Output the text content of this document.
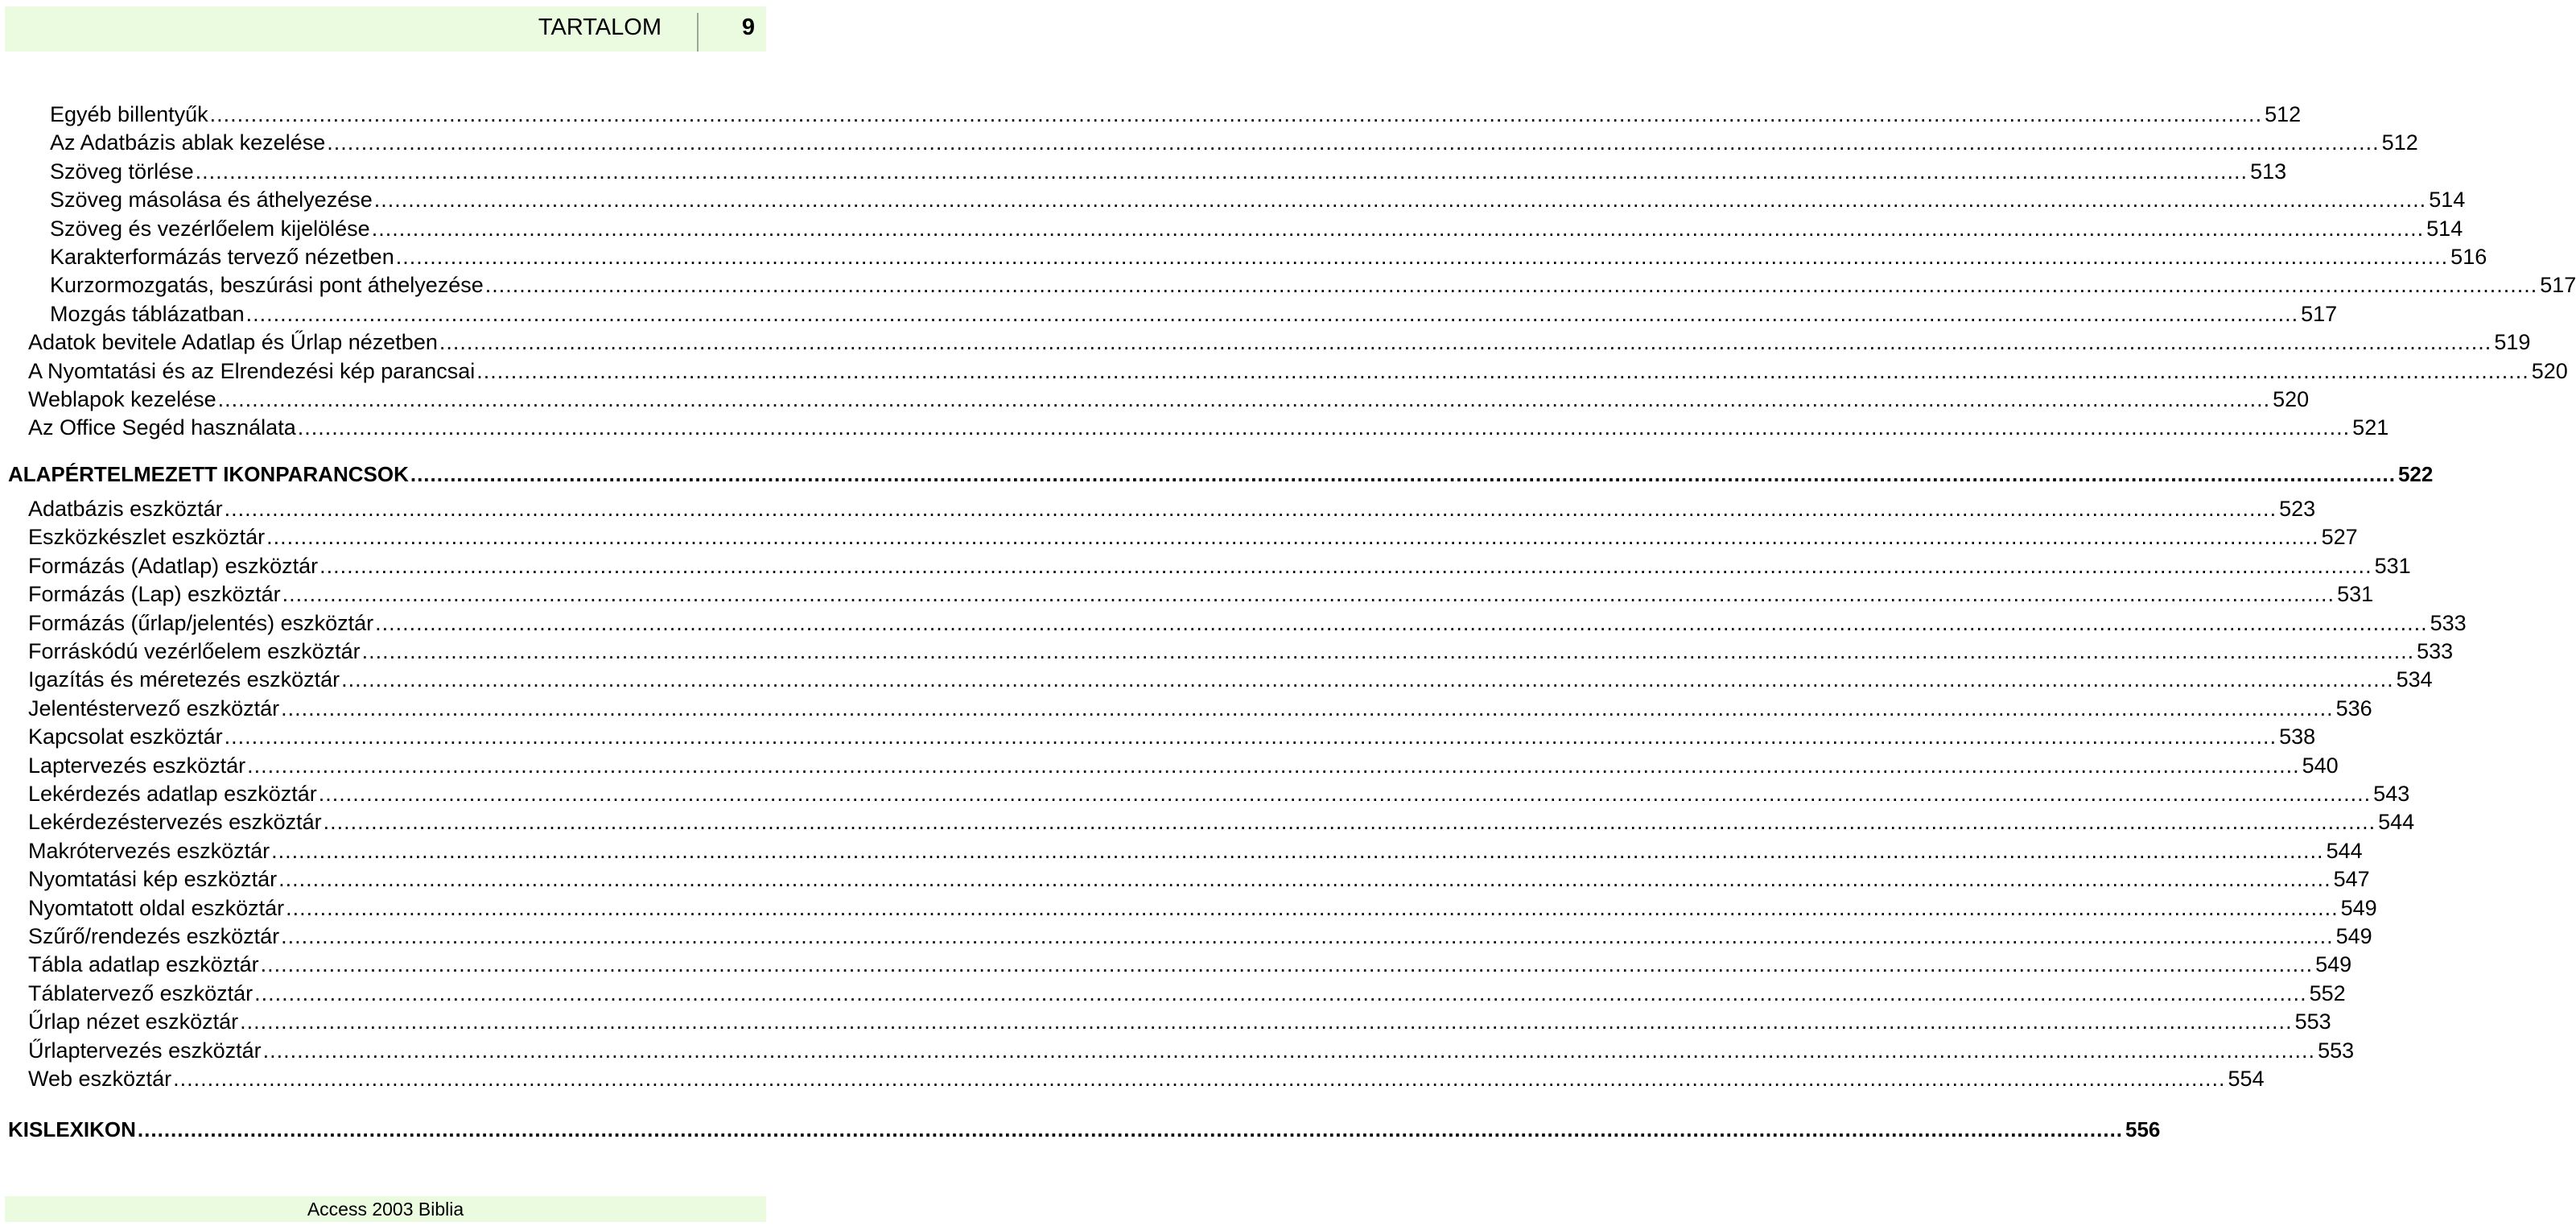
TARTALOM	9
Egyéb billentyűk ............................................................................................................................................................................................................................................................................................................ 512
Az Adatbázis ablak kezelése ............................................................................................................................................................................................................................................................................................................ 512
Szöveg törlése ............................................................................................................................................................................................................................................................................................................ 513
Szöveg másolása és áthelyezése ............................................................................................................................................................................................................................................................................................................ 514
Szöveg és vezérlőelem kijelölése ............................................................................................................................................................................................................................................................................................................ 514
Karakterformázás tervező nézetben ............................................................................................................................................................................................................................................................................................................ 516
Kurzormozgatás, beszúrási pont áthelyezése ............................................................................................................................................................................................................................................................................................................ 517
Mozgás táblázatban ............................................................................................................................................................................................................................................................................................................ 517
Adatok bevitele Adatlap és Űrlap nézetben ............................................................................................................................................................................................................................................................................................................ 519
A Nyomtatási és az Elrendezési kép parancsai ............................................................................................................................................................................................................................................................................................................ 520
Weblapok kezelése ............................................................................................................................................................................................................................................................................................................ 520
Az Office Segéd használata ............................................................................................................................................................................................................................................................................................................ 521
ALAPÉRTELMEZETT IKONPARANCSOK ............................................................................................................................................................................................................................................................................................................ 522
Adatbázis eszköztár ............................................................................................................................................................................................................................................................................................................ 523
Eszközkészlet eszköztár ............................................................................................................................................................................................................................................................................................................ 527
Formázás (Adatlap) eszköztár ............................................................................................................................................................................................................................................................................................................ 531
Formázás (Lap) eszköztár ............................................................................................................................................................................................................................................................................................................ 531
Formázás (űrlap/jelentés) eszköztár ............................................................................................................................................................................................................................................................................................................ 533
Forráskódú vezérlőelem eszköztár ............................................................................................................................................................................................................................................................................................................ 533
Igazítás és méretezés eszköztár ............................................................................................................................................................................................................................................................................................................ 534
Jelentéstervező eszköztár ............................................................................................................................................................................................................................................................................................................ 536
Kapcsolat eszköztár ............................................................................................................................................................................................................................................................................................................ 538
Laptervezés eszköztár ............................................................................................................................................................................................................................................................................................................ 540
Lekérdezés adatlap eszköztár ............................................................................................................................................................................................................................................................................................................ 543
Lekérdezéstervezés eszköztár ............................................................................................................................................................................................................................................................................................................ 544
Makrótervezés eszköztár ............................................................................................................................................................................................................................................................................................................ 544
Nyomtatási kép eszköztár ............................................................................................................................................................................................................................................................................................................ 547
Nyomtatott oldal eszköztár ............................................................................................................................................................................................................................................................................................................ 549
Szűrő/rendezés eszköztár ............................................................................................................................................................................................................................................................................................................ 549
Tábla adatlap eszköztár ............................................................................................................................................................................................................................................................................................................ 549
Táblatervező eszköztár ............................................................................................................................................................................................................................................................................................................ 552
Űrlap nézet eszköztár ............................................................................................................................................................................................................................................................................................................ 553
Űrlaptervezés eszköztár ............................................................................................................................................................................................................................................................................................................ 553
Web eszköztár ............................................................................................................................................................................................................................................................................................................ 554
KISLEXIKON ............................................................................................................................................................................................................................................................................................................ 556
Access 2003 Biblia
